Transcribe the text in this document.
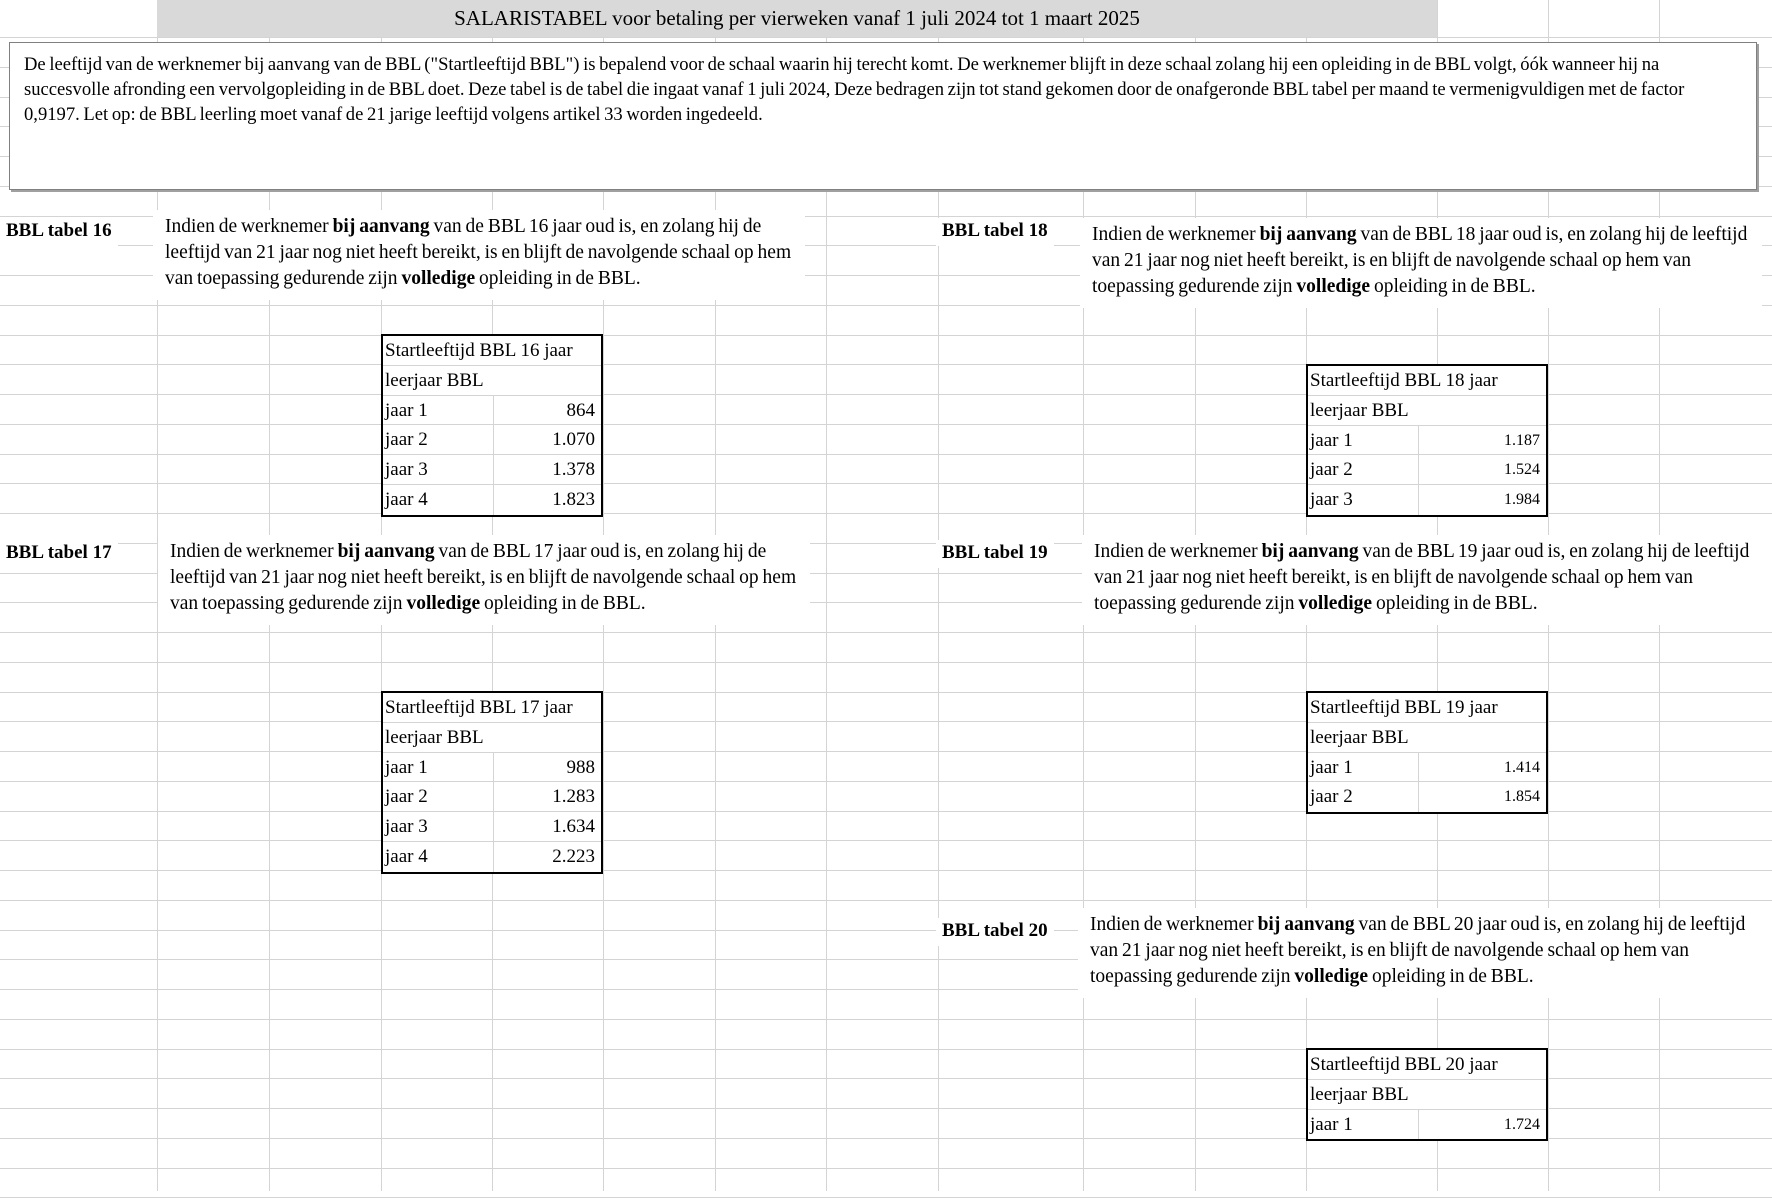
SALARISTABEL voor betaling per vierweken vanaf 1 juli 2024 tot 1 maart 2025
De leeftijd van de werknemer bij aanvang van de BBL ("Startleeftijd BBL") is bepalend voor de schaal waarin hij terecht komt. De werknemer blijft in deze schaal zolang hij een opleiding in de BBL volgt, óók wanneer hij na succesvolle afronding een vervolgopleiding in de BBL doet. Deze tabel is de tabel die ingaat vanaf 1 juli 2024, Deze bedragen zijn tot stand gekomen door de onafgeronde BBL tabel per maand te vermenigvuldigen met de factor 0,9197. Let op: de BBL leerling moet vanaf de 21 jarige leeftijd volgens artikel 33 worden ingedeeld.
BBL tabel 16	Indien de werknemer bij aanvang van de BBL 16 jaar oud is, en zolang hij de leeftijd van 21 jaar nog niet heeft bereikt, is en blijft de navolgende schaal op hem van toepassing gedurende zijn volledige opleiding in de BBL.
Startleeftijd BBL 16 jaar
leerjaar BBL
jaar 1	864
jaar 2	1.070
jaar 3	1.378
jaar 4	1.823
BBL tabel 17	Indien de werknemer bij aanvang van de BBL 17 jaar oud is, en zolang hij de leeftijd van 21 jaar nog niet heeft bereikt, is en blijft de navolgende schaal op hem van toepassing gedurende zijn volledige opleiding in de BBL.
Startleeftijd BBL 17 jaar
leerjaar BBL
jaar 1	988
jaar 2	1.283
jaar 3	1.634
jaar 4	2.223
BBL tabel 18	Indien de werknemer bij aanvang van de BBL 18 jaar oud is, en zolang hij de leeftijd van 21 jaar nog niet heeft bereikt, is en blijft de navolgende schaal op hem van toepassing gedurende zijn volledige opleiding in de BBL.
Startleeftijd BBL 18 jaar
leerjaar BBL
jaar 1	1.187
jaar 2	1.524
jaar 3	1.984
BBL tabel 19	Indien de werknemer bij aanvang van de BBL 19 jaar oud is, en zolang hij de leeftijd van 21 jaar nog niet heeft bereikt, is en blijft de navolgende schaal op hem van toepassing gedurende zijn volledige opleiding in de BBL.
Startleeftijd BBL 19 jaar
leerjaar BBL
jaar 1	1.414
jaar 2	1.854
BBL tabel 20	Indien de werknemer bij aanvang van de BBL 20 jaar oud is, en zolang hij de leeftijd van 21 jaar nog niet heeft bereikt, is en blijft de navolgende schaal op hem van toepassing gedurende zijn volledige opleiding in de BBL.
Startleeftijd BBL 20 jaar
leerjaar BBL
jaar 1	1.724
